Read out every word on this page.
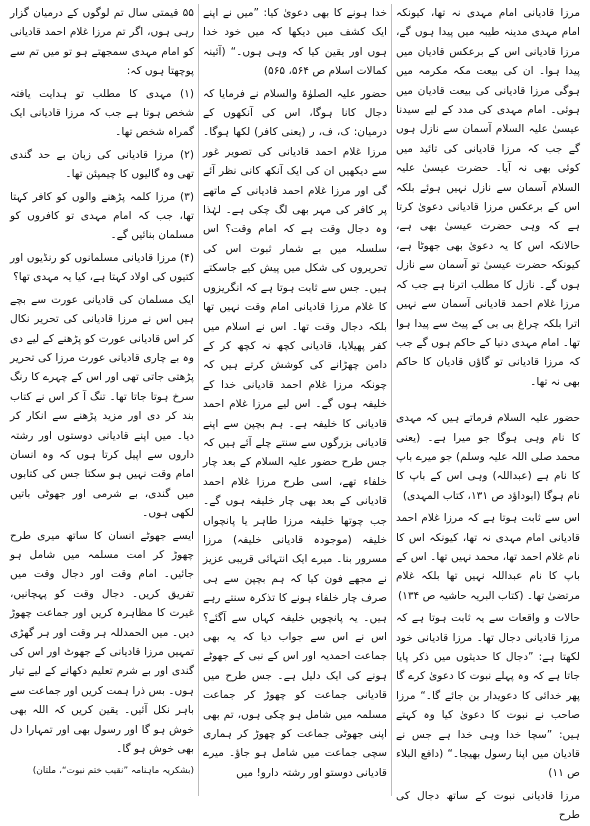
مرزا قادیانی امام مہدی نہ تھا، کیونکہ امام مہدی مدینہ طیبہ میں پیدا ہوں گے، مرزا قادیانی اس کے برعکس قادیان میں پیدا ہوا۔ ان کی بیعت مکہ مکرمہ میں ہوگی مرزا قادیانی کی بیعت قادیان میں ہوئی۔ امام مہدی کی مدد کے لیے سیدنا عیسیٰ علیہ السلام آسمان سے نازل ہوں گے جب کہ مرزا قادیانی کی تائید میں کوئی بھی نہ آیا۔ حضرت عیسیٰ علیہ السلام آسمان سے نازل نہیں ہوئے بلکہ اس کے برعکس مرزا قادیانی دعویٰ کرتا ہے کہ وہی حضرت عیسیٰ بھی ہے، حالانکہ اس کا یہ دعویٰ بھی جھوٹا ہے، کیونکہ حضرت عیسیٰ تو آسمان سے نازل ہوں گے۔ نازل کا مطلب اترنا ہے جب کہ مرزا غلام احمد قادیانی آسمان سے نہیں اترا بلکہ چراغ بی بی کے پیٹ سے پیدا ہوا تھا۔ امام مہدی دنیا کے حاکم ہوں گے جب کہ مرزا قادیانی تو گاؤں قادیان کا حاکم بھی نہ تھا۔

حضور علیہ السلام فرماتے ہیں کہ مہدی کا نام وہی ہوگا جو میرا ہے۔ (یعنی محمد صلی اللہ علیہ وسلم) جو میرے باپ کا نام ہے (عبداللہ) وہی اس کے باپ کا نام ہوگا (ابوداؤد ص ۱۳۱، کتاب المہدی)

اس سے ثابت ہوتا ہے کہ مرزا غلام احمد قادیانی امام مہدی نہ تھا، کیونکہ اس کا نام غلام احمد تھا، محمد نہیں تھا۔ اس کے باپ کا نام عبداللہ نہیں تھا بلکہ غلام مرتضیٰ تھا۔ (کتاب البریہ حاشیہ ص ۱۳۴)

حالات و واقعات سے یہ ثابت ہوتا ہے کہ مرزا قادیانی دجال تھا۔ مرزا قادیانی خود لکھتا ہے: ”دجال کا حدیثوں میں ذکر پایا جاتا ہے کہ وہ پہلے نبوت کا دعویٰ کرے گا پھر خدائی کا دعویدار بن جائے گا۔“ مرزا صاحب نے نبوت کا دعویٰ کیا وہ کہتے ہیں: ”سچا خدا وہی خدا ہے جس نے قادیان میں اپنا رسول بھیجا۔“ (دافع البلاء ص ۱۱)

مرزا قادیانی نبوت کے ساتھ دجال کی طرح

خدا ہونے کا بھی دعویٰ کیا: ”میں نے اپنے ایک کشف میں دیکھا کہ میں خود خدا ہوں اور یقین کیا کہ وہی ہوں۔“ (آئینہ کمالات اسلام ص ۵۶۴، ۵۶۵)

حضور علیہ الصلوٰۃ والسلام نے فرمایا کہ دجال کانا ہوگا، اس کی آنکھوں کے درمیان: ک، ف، ر (یعنی کافر) لکھا ہوگا۔ مرزا غلام احمد قادیانی کی تصویر غور سے دیکھیں ان کی ایک آنکھ کانی نظر آئے گی اور مرزا غلام احمد قادیانی کے ماتھے پر کافر کی مہر بھی لگ چکی ہے۔ لہٰذا وہ دجال وقت ہے کہ امام وقت؟ اس سلسلہ میں بے شمار ثبوت اس کی تحریروں کی شکل میں پیش کیے جاسکتے ہیں۔ جس سے ثابت ہوتا ہے کہ انگریزوں کا غلام مرزا قادیانی امام وقت نہیں تھا بلکہ دجال وقت تھا۔ اس نے اسلام میں کفر پھیلایا، قادیانی کچھ نہ کچھ کر کے دامن چھڑانے کی کوشش کرتے ہیں کہ چونکہ مرزا غلام احمد قادیانی خدا کے خلیفہ ہوں گے۔ اس لیے مرزا غلام احمد قادیانی کا خلیفہ ہے۔ ہم بچپن سے اپنے قادیانی بزرگوں سے سنتے چلے آئے ہیں کہ جس طرح حضور علیہ السلام کے بعد چار خلفاء تھے، اسی طرح مرزا غلام احمد قادیانی کے بعد بھی چار خلیفہ ہوں گے۔ جب چوتھا خلیفہ مرزا طاہر یا پانچواں خلیفہ (موجودہ قادیانی خلیفہ) مرزا مسرور بنا۔ میرے ایک انتہائی قریبی عزیز نے مجھے فون کیا کہ ہم بچپن سے ہی صرف چار خلفاء ہونے کا تذکرہ سنتے رہے ہیں۔ یہ پانچویں خلیفہ کہاں سے آگئے؟ اس نے اس سے جواب دیا کہ یہ بھی جماعت احمدیہ اور اس کے نبی کے جھوٹے ہونے کی ایک دلیل ہے۔ جس طرح میں قادیانی جماعت کو چھوڑ کر جماعت مسلمہ میں شامل ہو چکی ہوں، تم بھی اپنی جھوٹی جماعت کو چھوڑ کر ہماری سچی جماعت میں شامل ہو جاؤ۔ میرے قادیانی دوستو اور رشتہ دارو! میں

۵۵ قیمتی سال تم لوگوں کے درمیان گزار رہی ہوں، اگر تم مرزا غلام احمد قادیانی کو امام مہدی سمجھتے ہو تو میں تم سے پوچھتا ہوں کہ:

(۱) مہدی کا مطلب تو ہدایت یافتہ شخص ہوتا ہے جب کہ مرزا قادیانی ایک گمراہ شخص تھا۔

(۲) مرزا قادیانی کی زبان بے حد گندی تھی وہ گالیوں کا چیمپئن تھا۔

(۳) مرزا کلمہ پڑھنے والوں کو کافر کہتا تھا، جب کہ امام مہدی تو کافروں کو مسلمان بنائیں گے۔

(۴) مرزا قادیانی مسلمانوں کو رنڈیوں اور کتیوں کی اولاد کہتا ہے، کیا یہ مہدی تھا؟

ایک مسلمان کی قادیانی عورت سے بچے ہیں اس نے مرزا قادیانی کی تحریر نکال کر اس قادیانی عورت کو پڑھنے کے لیے دی وہ بے چاری قادیانی عورت مرزا کی تحریر پڑھتی جاتی تھی اور اس کے چہرے کا رنگ سرخ ہوتا جاتا تھا۔ تنگ آ کر اس نے کتاب بند کر دی اور مزید پڑھنے سے انکار کر دیا۔ میں اپنے قادیانی دوستوں اور رشتہ داروں سے اپیل کرتا ہوں کہ وہ انسان امام وقت نہیں ہو سکتا جس کی کتابوں میں گندی، بے شرمی اور جھوٹی باتیں لکھی ہوں۔

ایسے جھوٹے انسان کا ساتھ میری طرح چھوڑ کر امت مسلمہ میں شامل ہو جائیں۔ امام وقت اور دجال وقت میں تفریق کریں۔ دجال وقت کو پہچانیں، غیرت کا مظاہرہ کریں اور جماعت چھوڑ دیں۔ میں الحمدللہ ہر وقت اور ہر گھڑی تمہیں مرزا قادیانی کے جھوٹ اور اس کی گندی اور بے شرم تعلیم دکھانے کے لیے تیار ہوں۔ بس ذرا ہمت کریں اور جماعت سے باہر نکل آئیں۔ یقین کریں کہ اللہ بھی خوش ہو گا اور رسول بھی اور تمہارا دل بھی خوش ہو گا۔

(بشکریہ ماہنامہ ”نقیب ختم نبوت“، ملتان)
